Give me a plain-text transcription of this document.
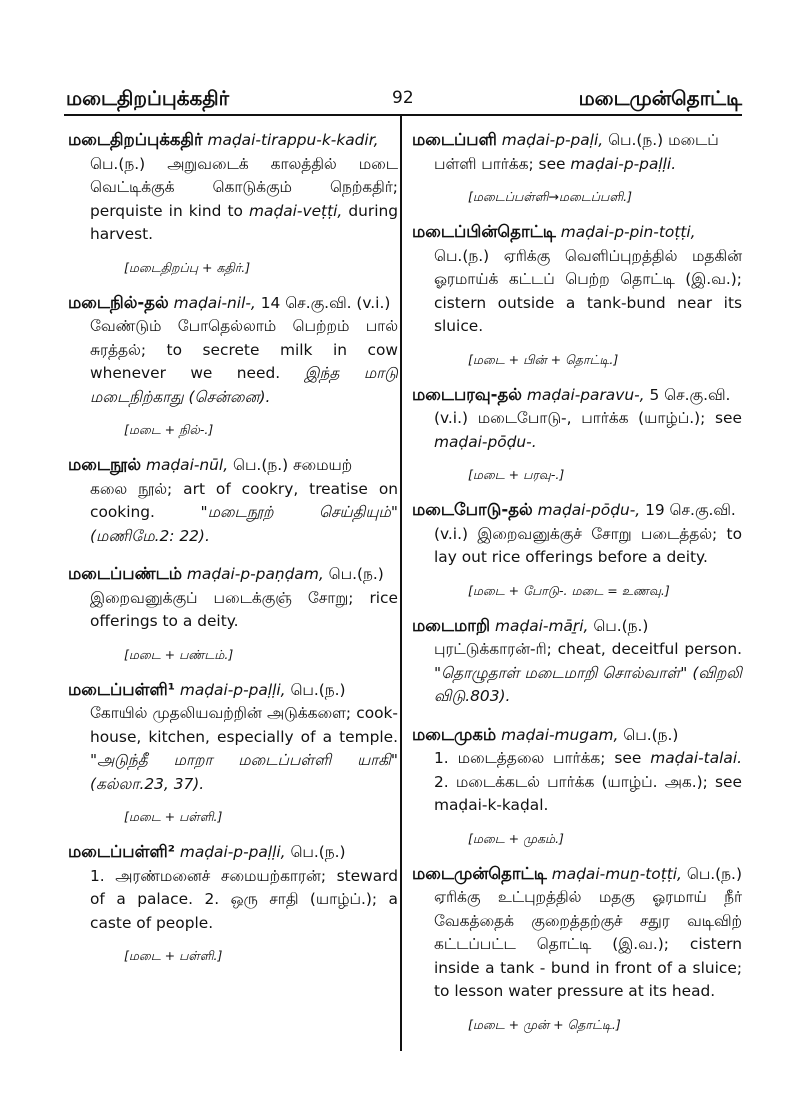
மடைதிறப்புக்கதிர்	92	மடைமுன்தொட்டி
மடைதிறப்புக்கதிர் maḍai-tirappu-k-kadir,
பெ.(ந.) அறுவடைக் காலத்தில் மடை வெட்டிக்குக் கொடுக்கும் நெற்கதிர்; perquiste in kind to maḍai-veṭṭi, during harvest.
[மடைதிறப்பு + கதிர்.]
மடைநில்-தல் maḍai-nil-, 14 செ.கு.வி. (v.i.)
வேண்டும் போதெல்லாம் பெற்றம் பால் சுரத்தல்; to secrete milk in cow whenever we need. இந்த மாடு மடைநிற்காது (சென்னை).
[மடை + நில்-.]
மடைநூல் maḍai-nūl, பெ.(ந.) சமையற்
கலை நூல்; art of cookry, treatise on cooking. "மடைநூற் செய்தியும்" (மணிமே.2: 22).
மடைப்பண்டம் maḍai-p-paṇḍam, பெ.(ந.)
இறைவனுக்குப் படைக்குஞ் சோறு; rice offerings to a deity.
[மடை + பண்டம்.]
மடைப்பள்ளி¹ maḍai-p-paḷḷi, பெ.(ந.)
கோயில் முதலியவற்றின் அடுக்களை; cook-house, kitchen, especially of a temple. "அடுந்தீ மாறா மடைப்பள்ளி யாகி" (கல்லா.23, 37).
[மடை + பள்ளி.]
மடைப்பள்ளி² maḍai-p-paḷḷi, பெ.(ந.)
1. அரண்மனைச் சமையற்காரன்; steward of a palace. 2. ஒரு சாதி (யாழ்ப்.); a caste of people.
[மடை + பள்ளி.]
மடைப்பளி maḍai-p-paḷi, பெ.(ந.) மடைப்
பள்ளி பார்க்க; see maḍai-p-paḷḷi.
[மடைப்பள்ளி→மடைப்பளி.]
மடைப்பின்தொட்டி maḍai-p-pin-toṭṭi,
பெ.(ந.) ஏரிக்கு வெளிப்புறத்தில் மதகின் ஓரமாய்க் கட்டப் பெற்ற தொட்டி (இ.வ.); cistern outside a tank-bund near its sluice.
[மடை + பின் + தொட்டி.]
மடைபரவு-தல் maḍai-paravu-, 5 செ.கு.வி.
(v.i.) மடைபோடு-, பார்க்க (யாழ்ப்.); see maḍai-pōḍu-.
[மடை + பரவு-.]
மடைபோடு-தல் maḍai-pōḍu-, 19 செ.கு.வி.
(v.i.) இறைவனுக்குச் சோறு படைத்தல்; to lay out rice offerings before a deity.
[மடை + போடு-. மடை = உணவு.]
மடைமாறி maḍai-māṟi, பெ.(ந.)
புரட்டுக்காரன்-ரி; cheat, deceitful person. "தொழுதாள் மடைமாறி சொல்வாள்" (விறலி விடு.803).
மடைமுகம் maḍai-mugam, பெ.(ந.)
1. மடைத்தலை பார்க்க; see maḍai-talai. 2. மடைக்கடல் பார்க்க (யாழ்ப். அக.); see maḍai-k-kaḍal.
[மடை + முகம்.]
மடைமுன்தொட்டி maḍai-muṉ-toṭṭi, பெ.(ந.)
ஏரிக்கு உட்புறத்தில் மதகு ஓரமாய் நீர் வேகத்தைக் குறைத்தற்குச் சதுர வடிவிற் கட்டப்பட்ட தொட்டி (இ.வ.); cistern inside a tank - bund in front of a sluice; to lesson water pressure at its head.
[மடை + முன் + தொட்டி.]
